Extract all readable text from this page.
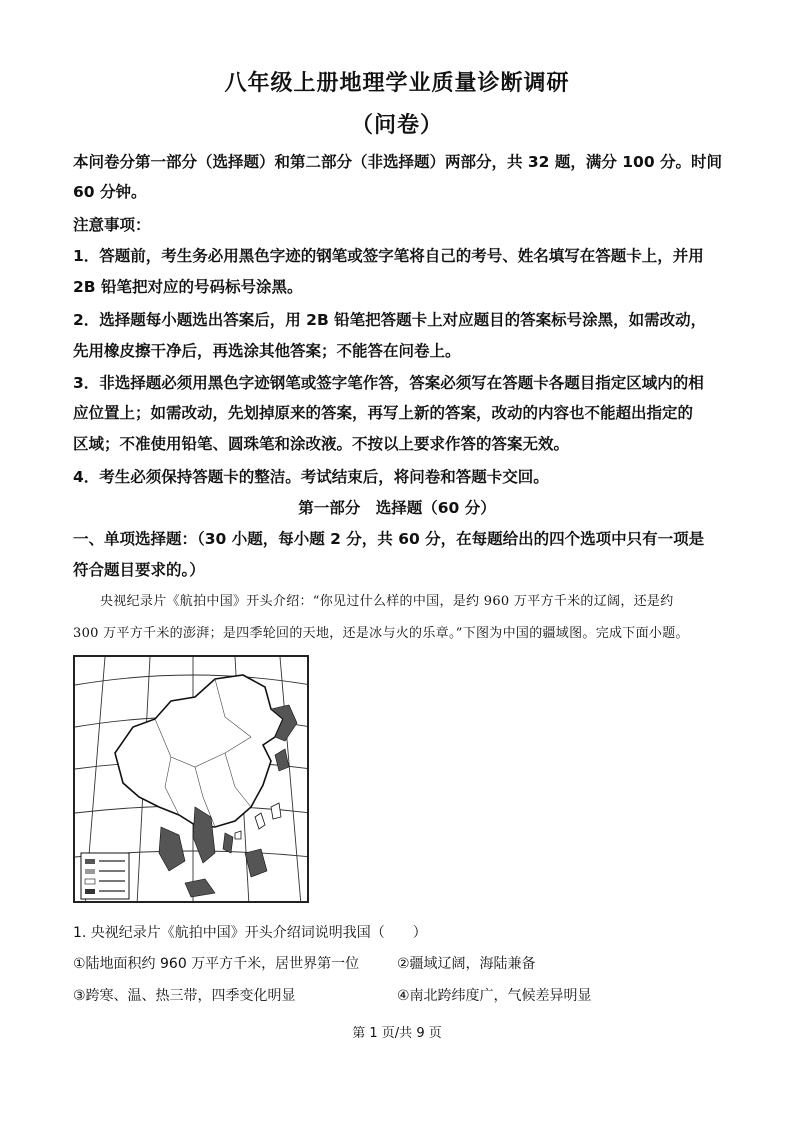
八年级上册地理学业质量诊断调研
（问卷）
本问卷分第一部分（选择题）和第二部分（非选择题）两部分，共 32 题，满分 100 分。时间
60 分钟。
注意事项：
1．答题前，考生务必用黑色字迹的钢笔或签字笔将自己的考号、姓名填写在答题卡上，并用
2B 铅笔把对应的号码标号涂黑。
2．选择题每小题选出答案后，用 2B 铅笔把答题卡上对应题目的答案标号涂黑，如需改动，
先用橡皮擦干净后，再选涂其他答案；不能答在问卷上。
3．非选择题必须用黑色字迹钢笔或签字笔作答，答案必须写在答题卡各题目指定区域内的相
应位置上；如需改动，先划掉原来的答案，再写上新的答案，改动的内容也不能超出指定的
区域；不准使用铅笔、圆珠笔和涂改液。不按以上要求作答的答案无效。
4．考生必须保持答题卡的整洁。考试结束后，将问卷和答题卡交回。
第一部分　选择题（60 分）
一、单项选择题：（30 小题，每小题 2 分，共 60 分，在每题给出的四个选项中只有一项是
符合题目要求的。）
央视纪录片《航拍中国》开头介绍：“你见过什么样的中国，是约 960 万平方千米的辽阔，还是约
300 万平方千米的澎湃；是四季轮回的天地，还是冰与火的乐章。”下图为中国的疆域图。完成下面小题。
1. 央视纪录片《航拍中国》开头介绍词说明我国（　　）
①陆地面积约 960 万平方千米，居世界第一位	②疆域辽阔，海陆兼备
③跨寒、温、热三带，四季变化明显	④南北跨纬度广，气候差异明显
第 1 页/共 9 页
